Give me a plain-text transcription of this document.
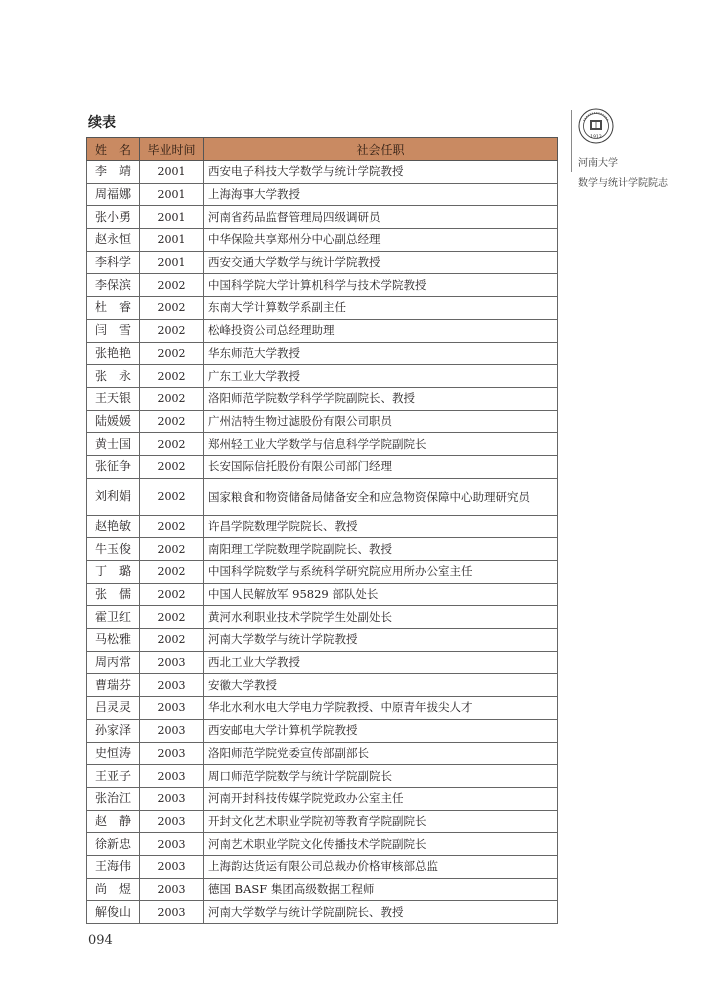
续表
姓　名	毕业时间	社会任职
李　靖	2001	西安电子科技大学数学与统计学院教授
周福娜	2001	上海海事大学教授
张小勇	2001	河南省药品监督管理局四级调研员
赵永恒	2001	中华保险共享郑州分中心副总经理
李科学	2001	西安交通大学数学与统计学院教授
李保滨	2002	中国科学院大学计算机科学与技术学院教授
杜　睿	2002	东南大学计算数学系副主任
闫　雪	2002	松峰投资公司总经理助理
张艳艳	2002	华东师范大学教授
张　永	2002	广东工业大学教授
王天银	2002	洛阳师范学院数学科学学院副院长、教授
陆媛媛	2002	广州洁特生物过滤股份有限公司职员
黄士国	2002	郑州轻工业大学数学与信息科学学院副院长
张征争	2002	长安国际信托股份有限公司部门经理
刘利娟	2002	国家粮食和物资储备局储备安全和应急物资保障中心助理研究员
赵艳敏	2002	许昌学院数理学院院长、教授
牛玉俊	2002	南阳理工学院数理学院副院长、教授
丁　璐	2002	中国科学院数学与系统科学研究院应用所办公室主任
张　儒	2002	中国人民解放军 95829 部队处长
霍卫红	2002	黄河水利职业技术学院学生处副处长
马松雅	2002	河南大学数学与统计学院教授
周丙常	2003	西北工业大学教授
曹瑞芬	2003	安徽大学教授
吕灵灵	2003	华北水利水电大学电力学院教授、中原青年拔尖人才
孙家泽	2003	西安邮电大学计算机学院教授
史恒涛	2003	洛阳师范学院党委宣传部副部长
王亚子	2003	周口师范学院数学与统计学院副院长
张治江	2003	河南开封科技传媒学院党政办公室主任
赵　静	2003	开封文化艺术职业学院初等教育学院副院长
徐新忠	2003	河南艺术职业学院文化传播技术学院副院长
王海伟	2003	上海韵达货运有限公司总裁办价格审核部总监
尚　煜	2003	德国 BASF 集团高级数据工程师
解俊山	2003	河南大学数学与统计学院副院长、教授
1912
河南大学
数学与统计学院院志
094
